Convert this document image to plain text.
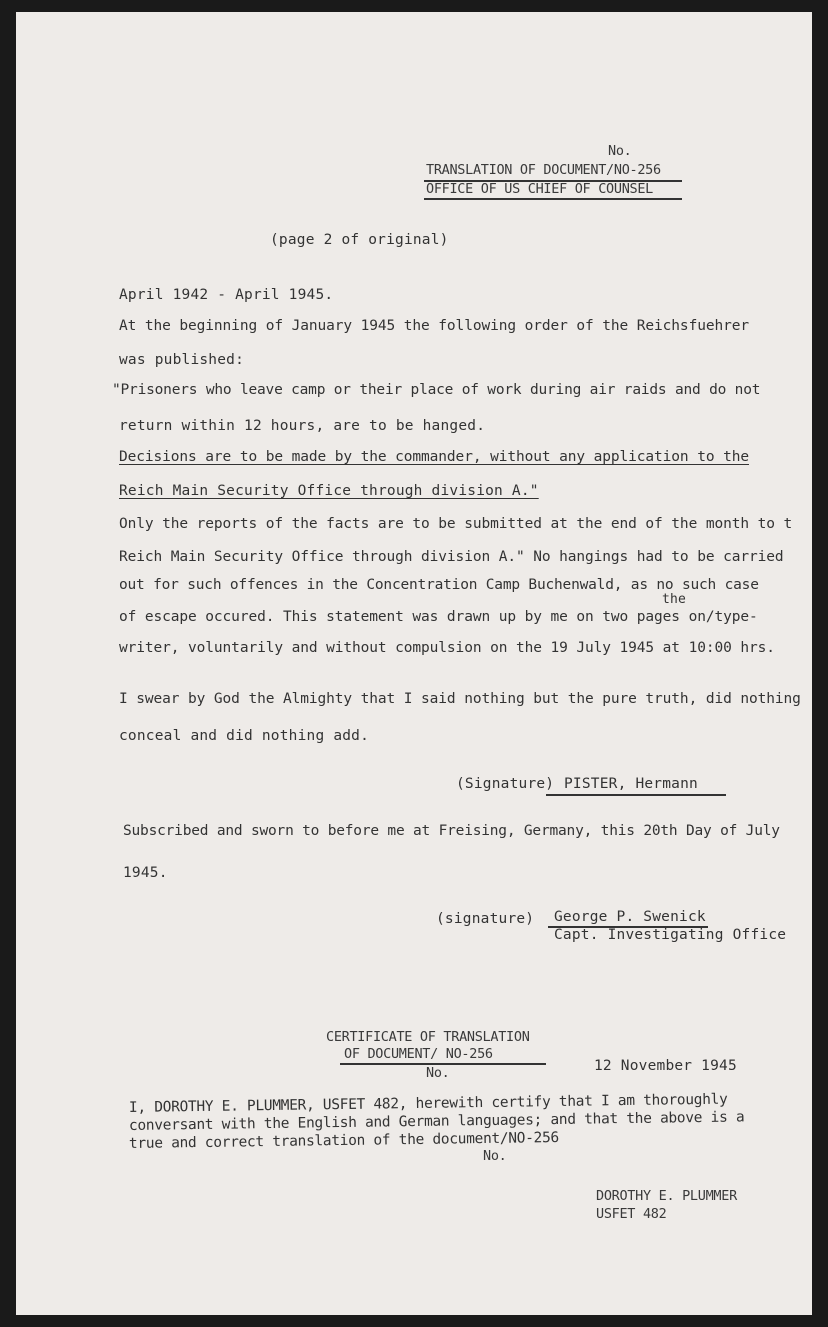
No.
TRANSLATION OF DOCUMENT/NO-256
OFFICE OF US CHIEF OF COUNSEL
(page 2 of original)
April 1942 - April 1945.
At the beginning of January 1945 the following order of the Reichsfuehrer
was published:
"Prisoners who leave camp or their place of work during air raids and do not
return within 12 hours, are to be hanged.
Decisions are to be made by the commander, without any application to the
Reich Main Security Office through division A."
Only the reports of the facts are to be submitted at the end of the month to t
Reich Main Security Office through division A." No hangings had to be carried
out for such offences in the Concentration Camp Buchenwald, as no such case
the
of escape occured. This statement was drawn up by me on two pages on/type-
writer, voluntarily and without compulsion on the 19 July 1945 at 10:00 hrs.
I swear by God the Almighty that I said nothing but the pure truth, did nothing
conceal and did nothing add.
(Signature) PISTER, Hermann
Subscribed and sworn to before me at Freising, Germany, this 20th Day of July
1945.
(signature) George P. Swenick
Capt. Investigating Office
CERTIFICATE OF TRANSLATION
OF DOCUMENT/ NO-256
No.	12 November 1945
I, DOROTHY E. PLUMMER, USFET 482, herewith certify that I am thoroughly
conversant with the English and German languages; and that the above is a
true and correct translation of the document/NO-256
No.
DOROTHY E. PLUMMER
USFET 482
